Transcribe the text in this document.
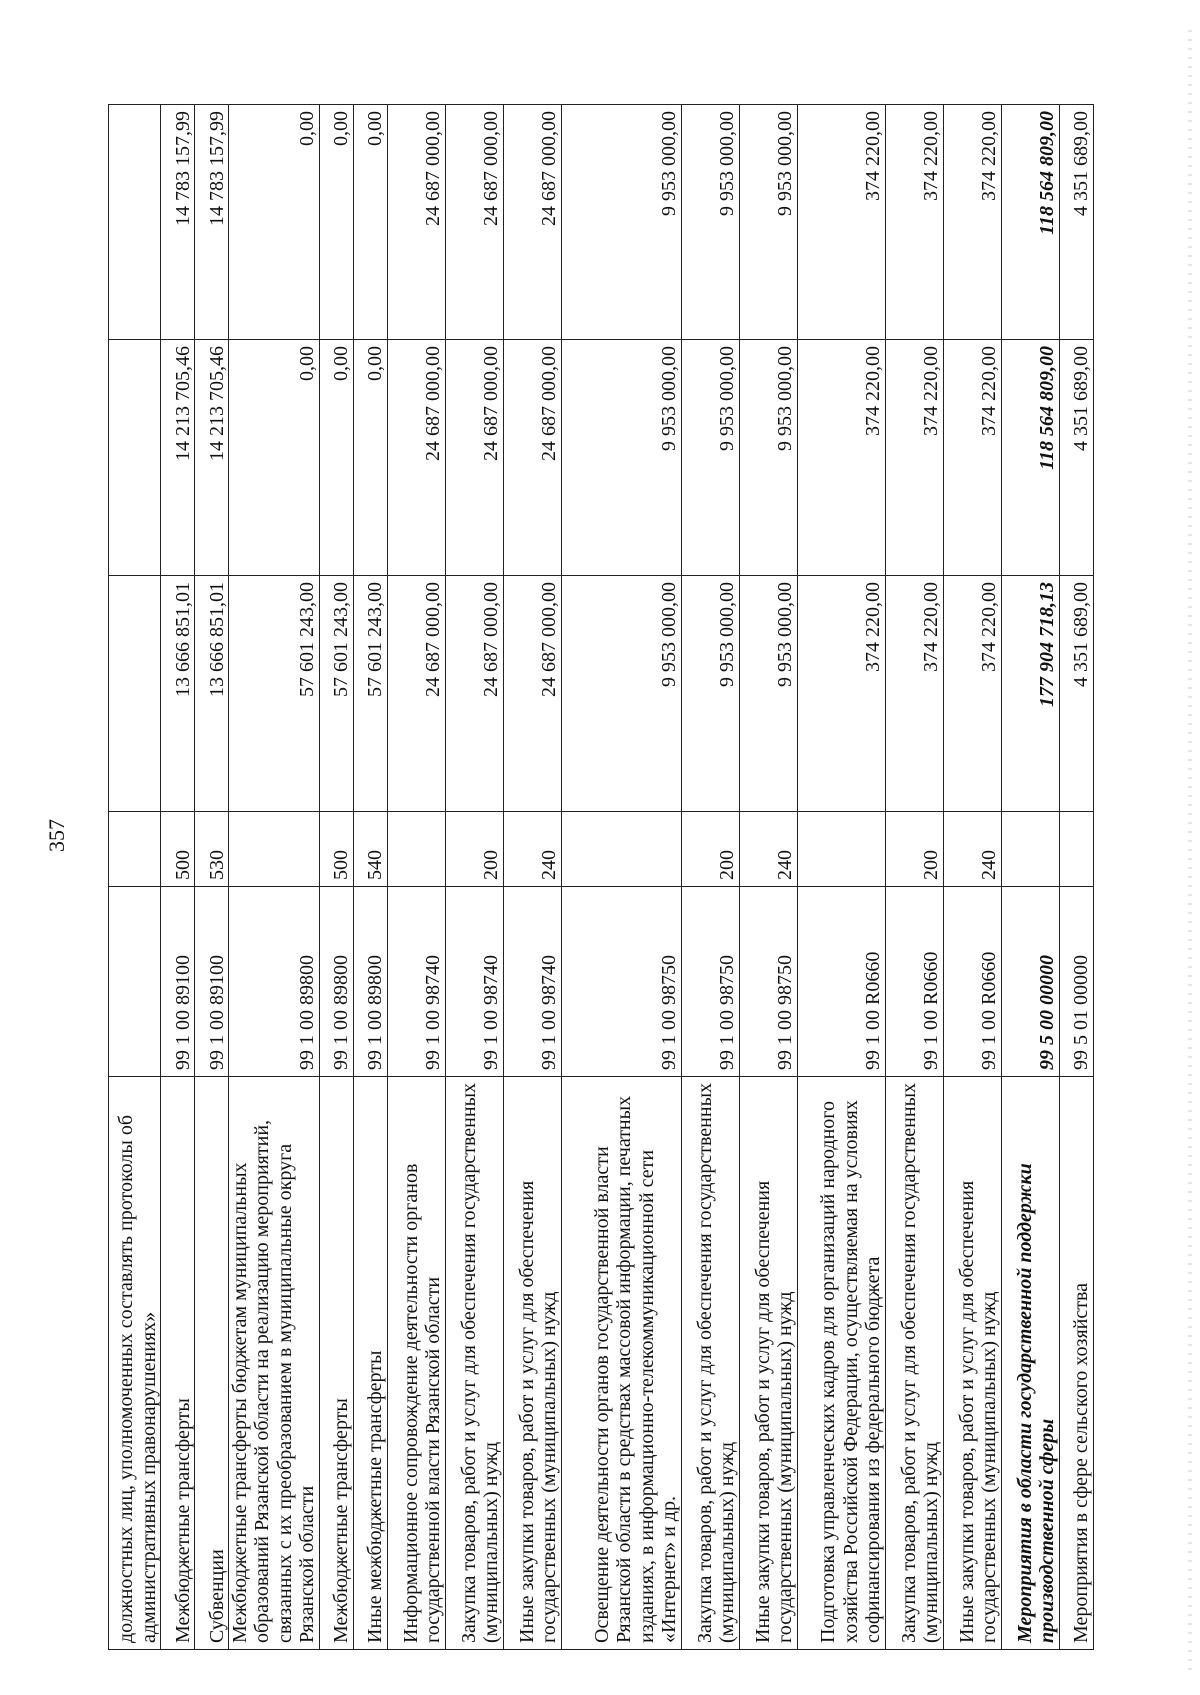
357
должностных лиц, уполномоченных составлять протоколы об административных правонарушениях»					
Межбюджетные трансферты	99 1 00 89100	500	13 666 851,01	14 213 705,46	14 783 157,99
Субвенции	99 1 00 89100	530	13 666 851,01	14 213 705,46	14 783 157,99
Межбюджетные трансферты бюджетам муниципальных образований Рязанской области на реализацию мероприятий, связанных с их преобразованием в муниципальные округа Рязанской области	99 1 00 89800		57 601 243,00	0,00	0,00
Межбюджетные трансферты	99 1 00 89800	500	57 601 243,00	0,00	0,00
Иные межбюджетные трансферты	99 1 00 89800	540	57 601 243,00	0,00	0,00
Информационное сопровождение деятельности органов государственной власти Рязанской области	99 1 00 98740		24 687 000,00	24 687 000,00	24 687 000,00
Закупка товаров, работ и услуг для обеспечения государственных (муниципальных) нужд	99 1 00 98740	200	24 687 000,00	24 687 000,00	24 687 000,00
Иные закупки товаров, работ и услуг для обеспечения государственных (муниципальных) нужд	99 1 00 98740	240	24 687 000,00	24 687 000,00	24 687 000,00
Освещение деятельности органов государственной власти Рязанской области в средствах массовой информации, печатных изданиях, в информационно-телекоммуникационной сети «Интернет» и др.	99 1 00 98750		9 953 000,00	9 953 000,00	9 953 000,00
Закупка товаров, работ и услуг для обеспечения государственных (муниципальных) нужд	99 1 00 98750	200	9 953 000,00	9 953 000,00	9 953 000,00
Иные закупки товаров, работ и услуг для обеспечения государственных (муниципальных) нужд	99 1 00 98750	240	9 953 000,00	9 953 000,00	9 953 000,00
Подготовка управленческих кадров для организаций народного хозяйства Российской Федерации, осуществляемая на условиях софинансирования из федерального бюджета	99 1 00 R0660		374 220,00	374 220,00	374 220,00
Закупка товаров, работ и услуг для обеспечения государственных (муниципальных) нужд	99 1 00 R0660	200	374 220,00	374 220,00	374 220,00
Иные закупки товаров, работ и услуг для обеспечения государственных (муниципальных) нужд	99 1 00 R0660	240	374 220,00	374 220,00	374 220,00
Мероприятия в области государственной поддержки производственной сферы	99 5 00 00000		177 904 718,13	118 564 809,00	118 564 809,00
Мероприятия в сфере сельского хозяйства	99 5 01 00000		4 351 689,00	4 351 689,00	4 351 689,00
